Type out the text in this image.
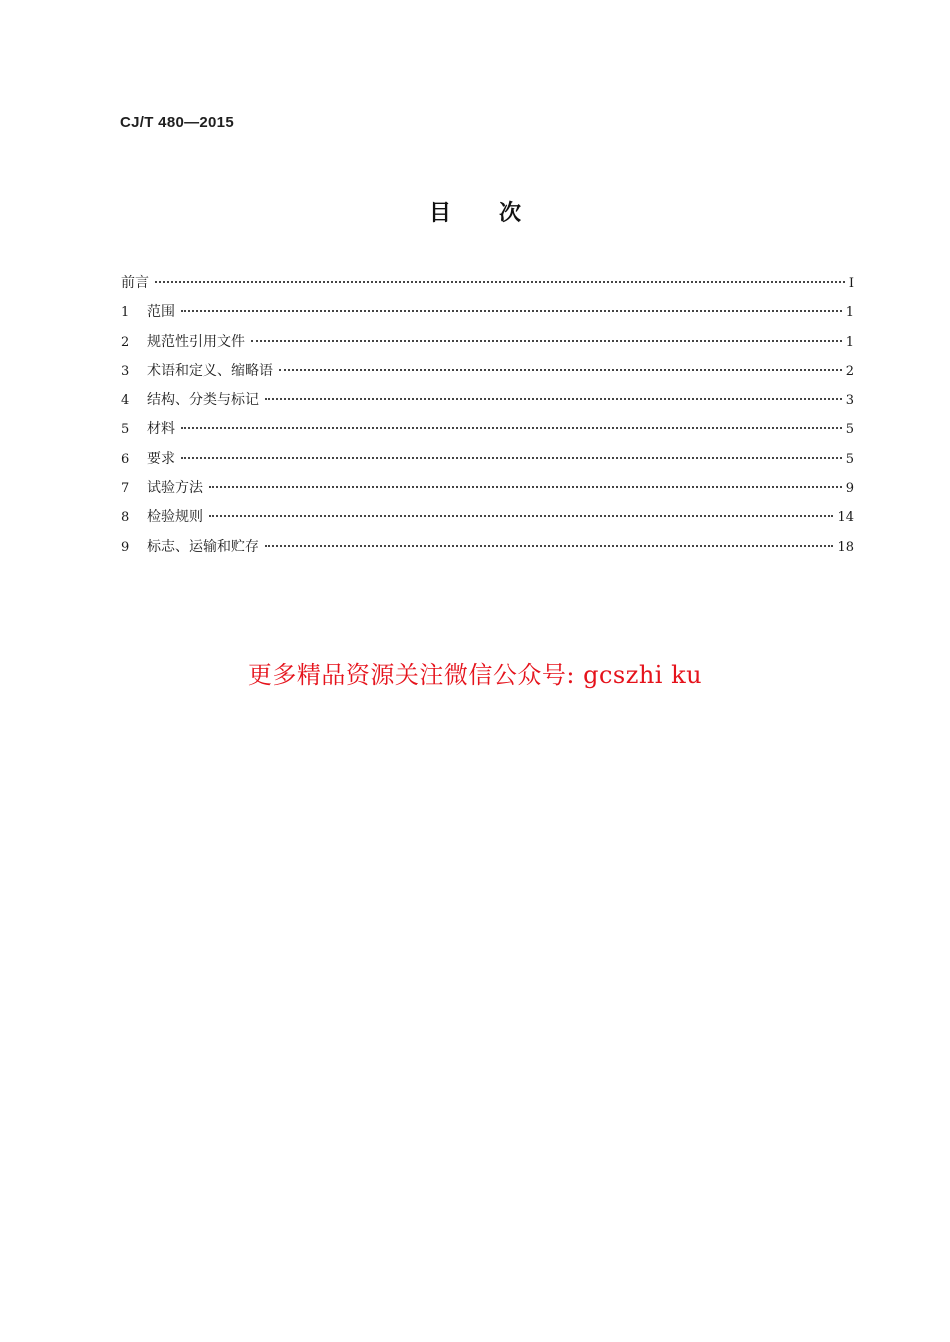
CJ/T 480—2015
目次
前言	Ⅰ
1	范围	1
2	规范性引用文件	1
3	术语和定义、缩略语	2
4	结构、分类与标记	3
5	材料	5
6	要求	5
7	试验方法	9
8	检验规则	14
9	标志、运输和贮存	18
更多精品资源关注微信公众号: gcszhi ku
